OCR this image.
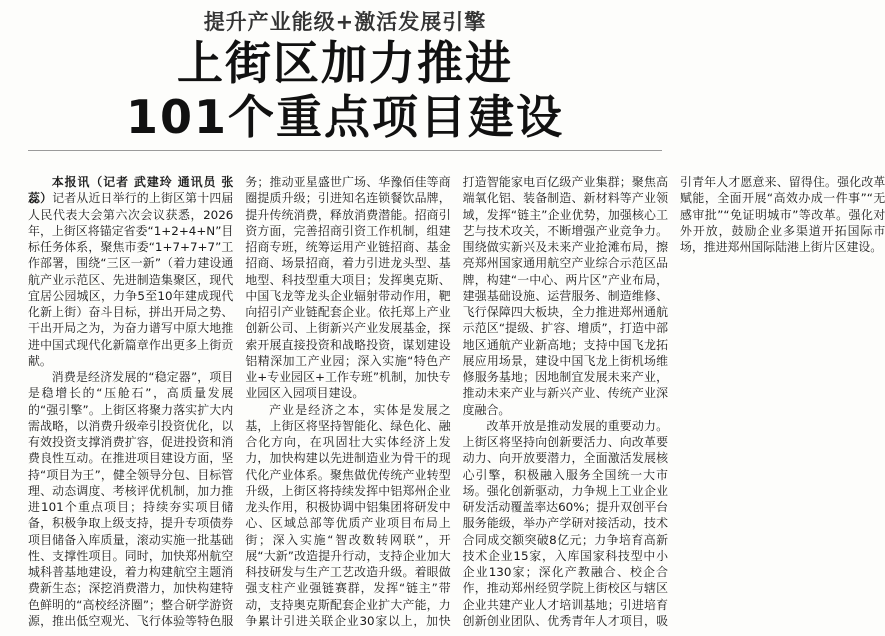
提升产业能级+激活发展引擎
上街区加力推进
101个重点项目建设

本报讯（记者 武建玲 通讯员 张蕊）记者从近日举行的上街区第十四届人民代表大会第六次会议获悉，2026年，上街区将锚定省委“1+2+4+N”目标任务体系，聚焦市委“1+7+7+7”工作部署，围绕“三区一新”（着力建设通航产业示范区、先进制造集聚区，现代宜居公园城区，力争5至10年建成现代化新上街）奋斗目标，拼出开局之势、干出开局之为，为奋力谱写中原大地推进中国式现代化新篇章作出更多上街贡献。

消费是经济发展的“稳定器”，项目是稳增长的“压舱石”，高质量发展的“强引擎”。上街区将聚力落实扩大内需战略，以消费升级牵引投资优化，以有效投资支撑消费扩容，促进投资和消费良性互动。在推进项目建设方面，坚持“项目为王”，健全领导分包、目标管理、动态调度、考核评优机制，加力推进101个重点项目；持续夯实项目储备，积极争取上级支持，提升专项债券项目储备入库质量，滚动实施一批基础性、支撑性项目。同时，加快郑州航空城科普基地建设，着力构建航空主题消费新生态；深挖消费潜力，加快构建特色鲜明的“高校经济圈”；整合研学游资源，推出低空观光、飞行体验等特色服务；推动亚星盛世广场、华豫佰佳等商圈提质升级；引进知名连锁餐饮品牌，提升传统消费，释放消费潜能。招商引资方面，完善招商引资工作机制，组建招商专班，统筹运用产业链招商、基金招商、场景招商，着力引进龙头型、基地型、科技型重大项目；发挥奥克斯、中国飞龙等龙头企业辐射带动作用，靶向招引产业链配套企业。依托郑上产业创新公司、上街新兴产业发展基金，探索开展直接投资和战略投资，谋划建设铝精深加工产业园；深入实施“特色产业+专业园区+工作专班”机制，加快专业园区入园项目建设。

产业是经济之本，实体是发展之基，上街区将坚持智能化、绿色化、融合化方向，在巩固壮大实体经济上发力，加快构建以先进制造业为骨干的现代化产业体系。聚焦做优传统产业转型升级，上街区将持续发挥中铝郑州企业龙头作用，积极协调中铝集团将研发中心、区域总部等优质产业项目布局上街；深入实施“智改数转网联”，开展“大新”改造提升行动，支持企业加大科技研发与生产工艺改造升级。着眼做强支柱产业强链赛群，发挥“链主”带动，支持奥克斯配套企业扩大产能，力争累计引进关联企业30家以上，加快打造智能家电百亿级产业集群；聚焦高端氧化铝、装备制造、新材料等产业领域，发挥“链主”企业优势，加强核心工艺与技术攻关，不断增强产业竞争力。围绕做实新兴及未来产业抢滩布局，擦亮郑州国家通用航空产业综合示范区品牌，构建“一中心、两片区”产业布局，建强基础设施、运营服务、制造维修、飞行保障四大板块，全力推进郑州通航示范区“提级、扩容、增质”，打造中部地区通航产业新高地；支持中国飞龙拓展应用场景，建设中国飞龙上街机场维修服务基地；因地制宜发展未来产业，推动未来产业与新兴产业、传统产业深度融合。

改革开放是推动发展的重要动力。上街区将坚持向创新要活力、向改革要动力、向开放要潜力，全面激活发展核心引擎，积极融入服务全国统一大市场。强化创新驱动，力争规上工业企业研发活动覆盖率达60%；提升双创平台服务能级，举办产学研对接活动，技术合同成交额突破8亿元；力争培育高新技术企业15家，入库国家科技型中小企业130家；深化产教融合、校企合作，推动郑州经贸学院上街校区与辖区企业共建产业人才培训基地；引进培育创新创业团队、优秀青年人才项目，吸引青年人才愿意来、留得住。强化改革赋能，全面开展“高效办成一件事”“无感审批”“免证明城市”等改革。强化对外开放，鼓励企业多渠道开拓国际市场，推进郑州国际陆港上街片区建设。
